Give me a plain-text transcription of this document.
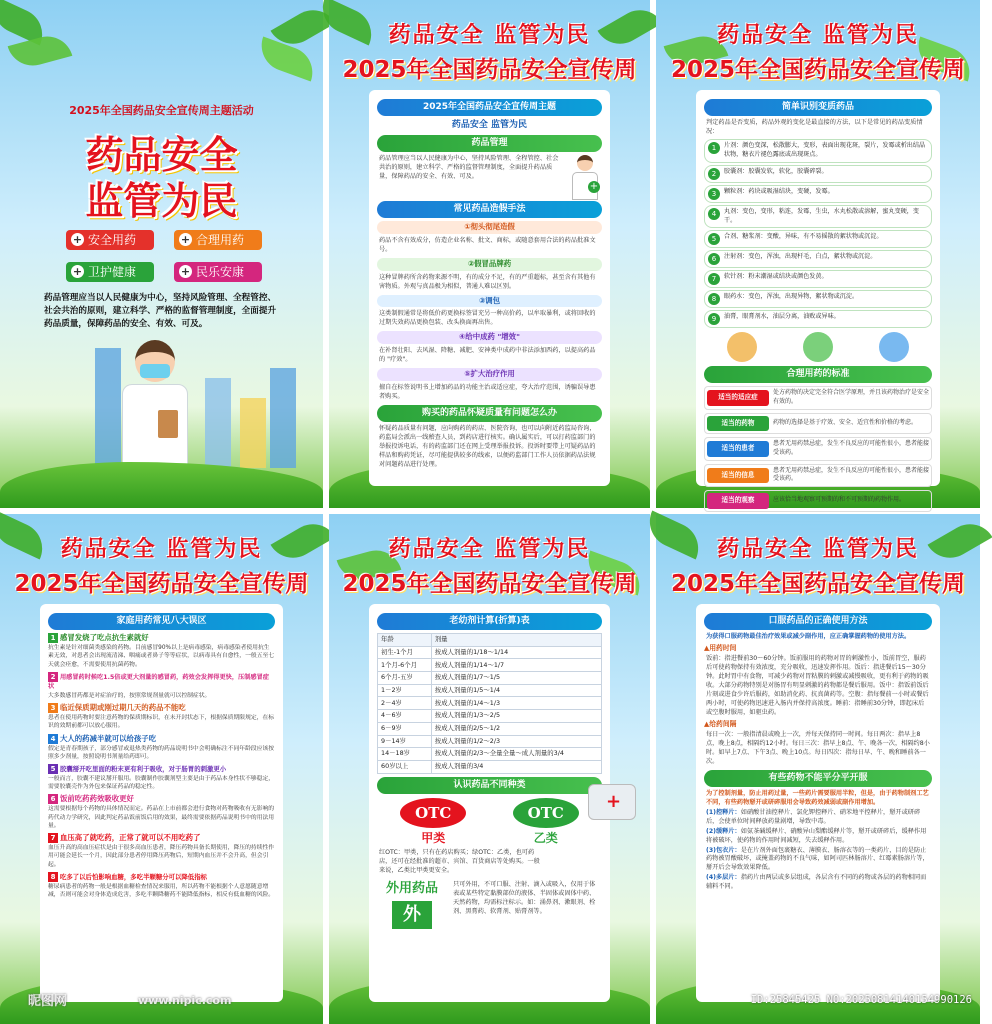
2025年全国药品安全宣传周主题活动
药品安全
监管为民
+ 安全用药	+ 合理用药
+ 卫护健康	+ 民乐安康
药品管理应当以人民健康为中心，坚持风险管理、全程管控、社会共治的原则，建立科学、严格的监督管理制度，全面提升药品质量，保障药品的安全、有效、可及。
药品安全 监管为民
2025年全国药品安全宣传周
2025年全国药品安全宣传周主题
药品安全 监管为民
药品管理
+
药品管理应当以人民健康为中心，坚持风险管理、全程管控、社会共治的原则，建立科学、严格的监督管理制度，全面提升药品质量，保障药品的安全、有效、可及。
常见药品造假手法
①彻头彻尾造假
药品不含有效成分，仿造企业名称、批文、商标，或随意套用合法的药品批准文号。
②假冒品牌药
这种冒牌药所含药物来源不明，有的成分不足，有的严重超标，甚至含有其他有害物质。外观与真品极为相似，普通人难以区别。
③调包
这类制假通常是将低价药更换标签冒充另一种高价药，以牟取暴利，或将回收的过期失效药品更换包装、改头换面再出售。
④给中成药 "增效"
在补肾壮阳、去风湿、降糖、减肥、安神类中成药中非法添加西药，以提高药品的 "疗效"。
⑤扩大治疗作用
擅自在标签说明书上增加药品的功能主治或适应症，夸大治疗范围，诱骗误导患者购买。
购买的药品怀疑质量有问题怎么办
怀疑药品质量有问题，应向购药的药店、医院咨询，也可以向附近药监局咨询，药监局会派出一线稽查人员，到药店进行核实。确认属实后，可以打药监部门的举报投诉电话，有的药监部门还在网上受理举报投诉。投诉时要带上可疑药品的样品和购药凭证，尽可能提供较多的线索，以便药监部门工作人员依据药品法规对问题药品进行处理。
药品安全 监管为民
2025年全国药品安全宣传周
简单识别变质药品
判定药品是否变质，药品外观的变化是最直接的方法，以下是常见的药品变质情况：
1	片剂：颜色变深，松散膨大，变形，表面出现花斑，裂片，发霉或析出结晶状物，糖衣片褪色露底或出现斑点。
2	胶囊剂：胶囊发软，软化，胶囊碎裂。
3	颗粒剂：药块或吸湿结块，变硬，发霉。
4	丸剂：变色，变形，粘连，发霉，生虫，水丸松散或溶解，蜜丸变硬，变干。
5	合剂、糖浆剂：变酸，异味，有不易摇散的絮状物或沉淀。
6	注射剂：变色，浑浊，出现杆毛，白点，絮状物或沉淀。
7	软针剂：粉末潮湿或结块或颜色发黄。
8	眼药水：变色，浑浊，出现异物，絮状物或沉淀。
9	油膏，眼膏剂水，油层分离，油败或异味。
合理用药的标准
适当的适应症
处方药物的决定完全符合医学原理，并且该药物治疗是安全有效的。
适当的药物	药物的选择是基于疗效、安全、适宜性和价格的考虑。
适当的患者
患者无用药禁忌症，发生不良反应的可能性很小，患者能接受该药。
适当的信息
患者无用药禁忌症，发生不良反应的可能性很小，患者能接受该药。
适当的观察	应该恰当地观察可预期的和不可预期的药物作用。
药品安全 监管为民
2025年全国药品安全宣传周
家庭用药常见八大误区
1 感冒发烧了吃点抗生素就好
抗生素是针对细菌类感染的药物。目前感冒90%以上是病毒感染，病毒感染者使用抗生素无效，对患者会出现流清涕、咽痛或者鼻子等等症状，以病毒具有自愈性，一般五至七天就会痊愈，不需要使用抗菌药物。
2 用感冒药时候吃1.5倍或更大剂量的感冒药，药效会发挥得更快，压制感冒症状
大多数感冒药都是对症治疗的，按照常规剂量就可以控制症状。
3 临近保质期或刚过期几天的药品不能吃
患者在使用药物时要注意药物的保质期标识，在未开封状态下，根据保质期限规定，在标识的效期前都可以放心服用。
4 大人的药减半就可以给孩子吃
假定是青春期孩子，部分感冒或退热类药物的药品说明书中会明确标注不同年龄段应该按照多少剂量，按照说明书剂量给药即可。
5 胶囊掰开吃里面的粉末更有利于吸收，对于肠胃的刺激更小
一般而言，胶囊不建议掰开服用。胶囊制作胶囊剂型主要是由于药品本身性状不够稳定，需要胶囊壳作为外包来保证药品的稳定性。
6 饭前吃药药效吸收更好
这需要根据每个药物的具体情况而定。药品在上市前都会进行食物对药物吸收有无影响的药代动力学研究，因此判定药品饭前饭后用的效果，最终需要依据药品说明书中的用法用量。
7 血压高了就吃药，正常了就可以不用吃药了
血压升高的高血压症状是由于很多高血压患者，降压药物具备长期使用，降压的持续性作用可能会延长一个月，因此部分患者停用降压药物后，短期内血压并不会升高，但会引起。
8 吃多了以后怕影响血糖，多吃半颗糖分可以降低指标
糖尿病患者的药物一般是根据血糖检查情况来服用，所以药物不能根据个人意愿随意增减，否则可能会对身体造成危害，多吃半颗降糖药不能降低指标，相反有低血糖的风险。
药品安全 监管为民
2025年全国药品安全宣传周
老幼剂计算(折算)表
年龄	剂量
初生-1个月	按成人剂量的1/18～1/14
1个月-6个月	按成人剂量的1/14～1/7
6个月-五岁	按成人剂量的1/7～1/5
1－2岁	按成人剂量的1/5～1/4
2－4岁	按成人剂量的1/4～1/3
4－6岁	按成人剂量的1/3～2/5
6－9岁	按成人剂量的2/5～1/2
9－14岁	按成人剂量的1/2～2/3
14－18岁	按成人剂量的2/3～全量全量～成人剂量的3/4
60岁以上	按成人剂量的3/4
认识药品不同种类
OTC
甲类
OTC
乙类
红OTC：甲类，只有在药店购买；绿OTC：乙类，也可药店，还可在经批准的超市、宾馆、百货商店等处购买。一般来说，乙类比甲类更安全。
外用药品
外
只可外用，不可口服、注射、滴入或吸入，仅用于体表或某些特定黏膜部位的液体、半固体或固体中药、天然药物，均需标注标示。如：涌鼻剂、漱眼剂、栓剂、黑膏药、软膏剂、贴膏剂等。
+
药品安全 监管为民
2025年全国药品安全宣传周
口服药品的正确使用方法
为获得口服药物最佳治疗效果或减少副作用，应正确掌握药物的使用方法。
▲用药时间
饭前：指进餐前30～60分钟。饭前服用的药物对胃的刺激性小，饭前胃空，服药后可使药物保持有效浓度，充分吸收，迅速发挥作用。饭后：指进餐后15～30分钟。此时胃中有食物，可减少药物对胃粘膜的刺激或减慢吸收，更有利于药物的吸收。大部分药物特别是对肠胃有明显刺激的药物都是餐后服用。饭中：指饭前饭后片刻或进食少许后服药，如助消化药、抗真菌药等。空腹：指每餐前一小时或餐后两小时，可使药物迅速进入肠内并保持高浓度。睡前：指睡前30分钟，即起床后或空腹时服用，如驱虫药。
▲给药间隔
每日一次：一般指清晨或晚上一次，并每天保持同一时间。每日两次：指早上8点，晚上8点，相隔约12小时。每日三次：指早上8点、午、晚各一次，相隔约8小时。如早上7点、下午3点、晚上10点。每日四次：指每日早、午、晚和睡前各一次。
有些药物不能平分平开服
为了控制剂量，防止用药过量，一些药片需要服用半粒，但是，由于药物制剂工艺不同，有些药物掰开或研碎服用会导致药效减弱或副作用增加。
(1)控释片：如硝酸甘油控释片、氯化钾控释片、硝苯地平控释片，掰开或研碎后，会使单位时间释放药量剧增，导致中毒。
(2)缓释片：如氨茶碱缓释片、硝酸异山梨酯缓释片等，掰开或研碎后，缓释作用将被破坏，使药物的作用时间减短，失去缓释作用。
(3)包衣片：是在片剂外面包裹糖衣、薄膜衣、肠溶衣等的一类药片，目的是防止药物被胃酸破坏，或掩盖药物的不良气味，如阿司匹林肠溶片、红霉素肠溶片等，掰开后会导致效果降低。
(4)多层片：指药片由两层或多层组成，各层含有不同的药物或各层的药物相同而辅料不同。
昵图网	www.nipic.com	ID:25845425 NO:20250814140154990126
